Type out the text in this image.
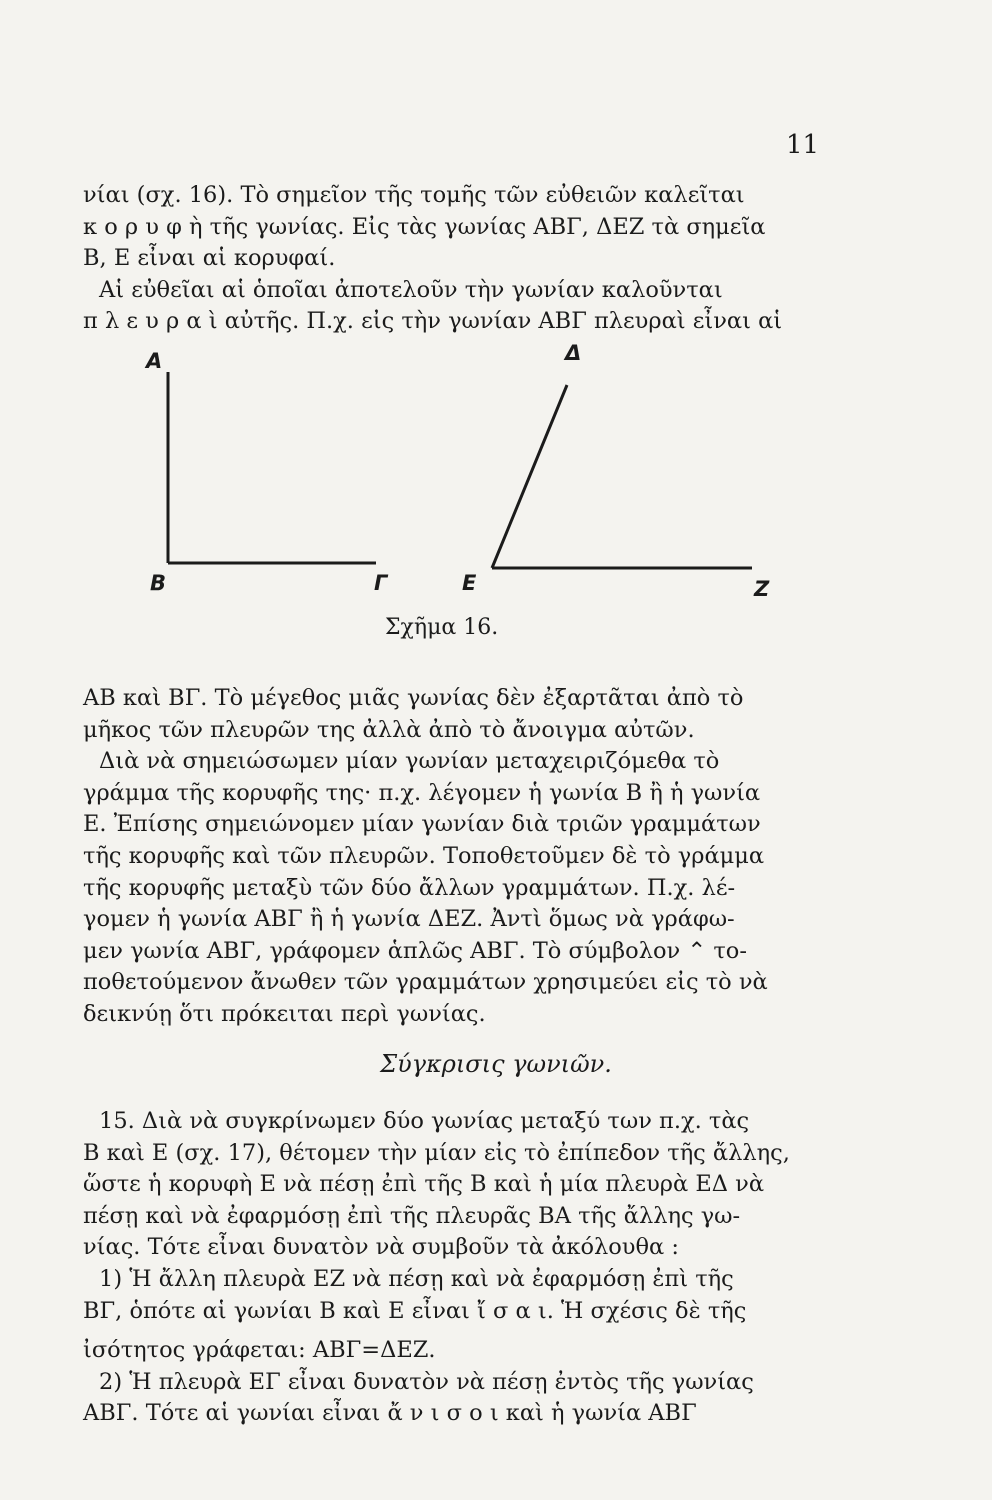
11

νίαι (σχ. 16). Τὸ σημεῖον τῆς τομῆς τῶν εὐθειῶν καλεῖται

κ ο ρ υ φ ὴ τῆς γωνίας. Εἰς τὰς γωνίας ΑΒΓ, ΔΕΖ τὰ σημεῖα

Β, Ε εἶναι αἱ κορυφαί.

Αἱ εὐθεῖαι αἱ ὁποῖαι ἀποτελοῦν τὴν γωνίαν καλοῦνται

π λ ε υ ρ α ὶ αὐτῆς. Π.χ. εἰς τὴν γωνίαν ΑΒΓ πλευραὶ εἶναι αἱ

Α
Β	Γ
Δ
Ε	Ζ
Σχῆμα 16.

ΑΒ καὶ ΒΓ. Τὸ μέγεθος μιᾶς γωνίας δὲν ἐξαρτᾶται ἀπὸ τὸ

μῆκος τῶν πλευρῶν της ἀλλὰ ἀπὸ τὸ ἄνοιγμα αὐτῶν.

Διὰ νὰ σημειώσωμεν μίαν γωνίαν μεταχειριζόμεθα τὸ

γράμμα τῆς κορυφῆς της· π.χ. λέγομεν ἡ γωνία Β ἢ ἡ γωνία

Ε. Ἐπίσης σημειώνομεν μίαν γωνίαν διὰ τριῶν γραμμάτων

τῆς κορυφῆς καὶ τῶν πλευρῶν. Τοποθετοῦμεν δὲ τὸ γράμμα

τῆς κορυφῆς μεταξὺ τῶν δύο ἄλλων γραμμάτων. Π.χ. λέ-

γομεν ἡ γωνία ΑΒΓ ἢ ἡ γωνία ΔΕΖ. Ἀντὶ ὅμως νὰ γράφω-

μεν γωνία ΑΒΓ, γράφομεν ἁπλῶς ΑΒΓ. Τὸ σύμβολον ⌃ το-

ποθετούμενον ἄνωθεν τῶν γραμμάτων χρησιμεύει εἰς τὸ νὰ

δεικνύῃ ὅτι πρόκειται περὶ γωνίας.

Σύγκρισις γωνιῶν.

15. Διὰ νὰ συγκρίνωμεν δύο γωνίας μεταξύ των π.χ. τὰς

Β καὶ Ε (σχ. 17), θέτομεν τὴν μίαν εἰς τὸ ἐπίπεδον τῆς ἄλλης,

ὥστε ἡ κορυφὴ Ε νὰ πέσῃ ἐπὶ τῆς Β καὶ ἡ μία πλευρὰ ΕΔ νὰ

πέσῃ καὶ νὰ ἐφαρμόσῃ ἐπὶ τῆς πλευρᾶς ΒΑ τῆς ἄλλης γω-

νίας. Τότε εἶναι δυνατὸν νὰ συμβοῦν τὰ ἀκόλουθα :

1) Ἡ ἄλλη πλευρὰ ΕΖ νὰ πέσῃ καὶ νὰ ἐφαρμόσῃ ἐπὶ τῆς

ΒΓ, ὁπότε αἱ γωνίαι Β καὶ Ε εἶναι ἴ σ α ι. Ἡ σχέσις δὲ τῆς

ἰσότητος γράφεται: ΑΒΓ=ΔΕΖ.

2) Ἡ πλευρὰ ΕΓ εἶναι δυνατὸν νὰ πέσῃ ἐντὸς τῆς γωνίας

ΑΒΓ. Τότε αἱ γωνίαι εἶναι ἄ ν ι σ ο ι καὶ ἡ γωνία ΑΒΓ
